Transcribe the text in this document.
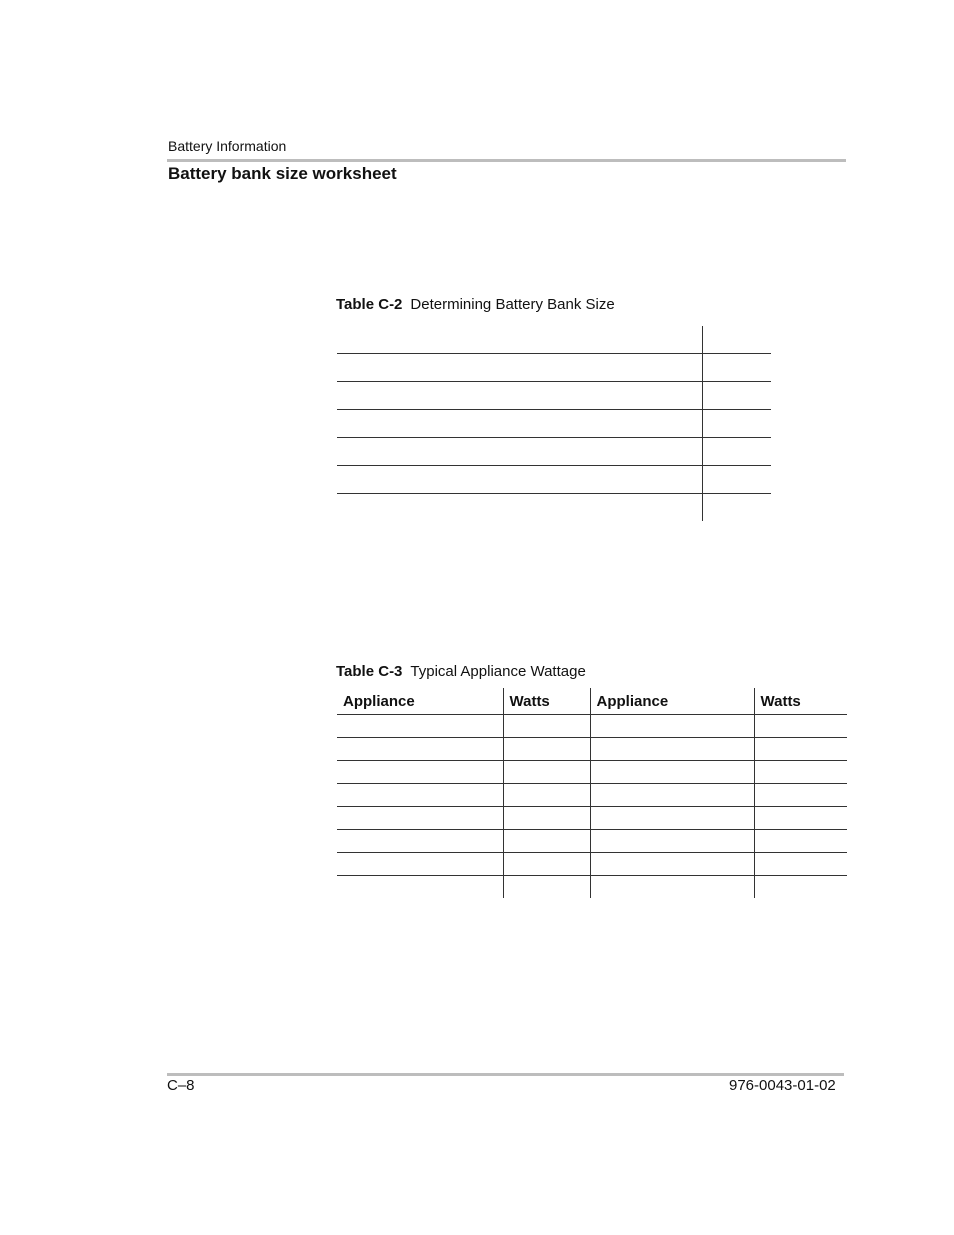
Battery Information
Battery bank size worksheet
Table C-2 Determining Battery Bank Size

Table C-3 Typical Appliance Wattage
Appliance	Watts	Appliance	Watts

C–8	976-0043-01-02
